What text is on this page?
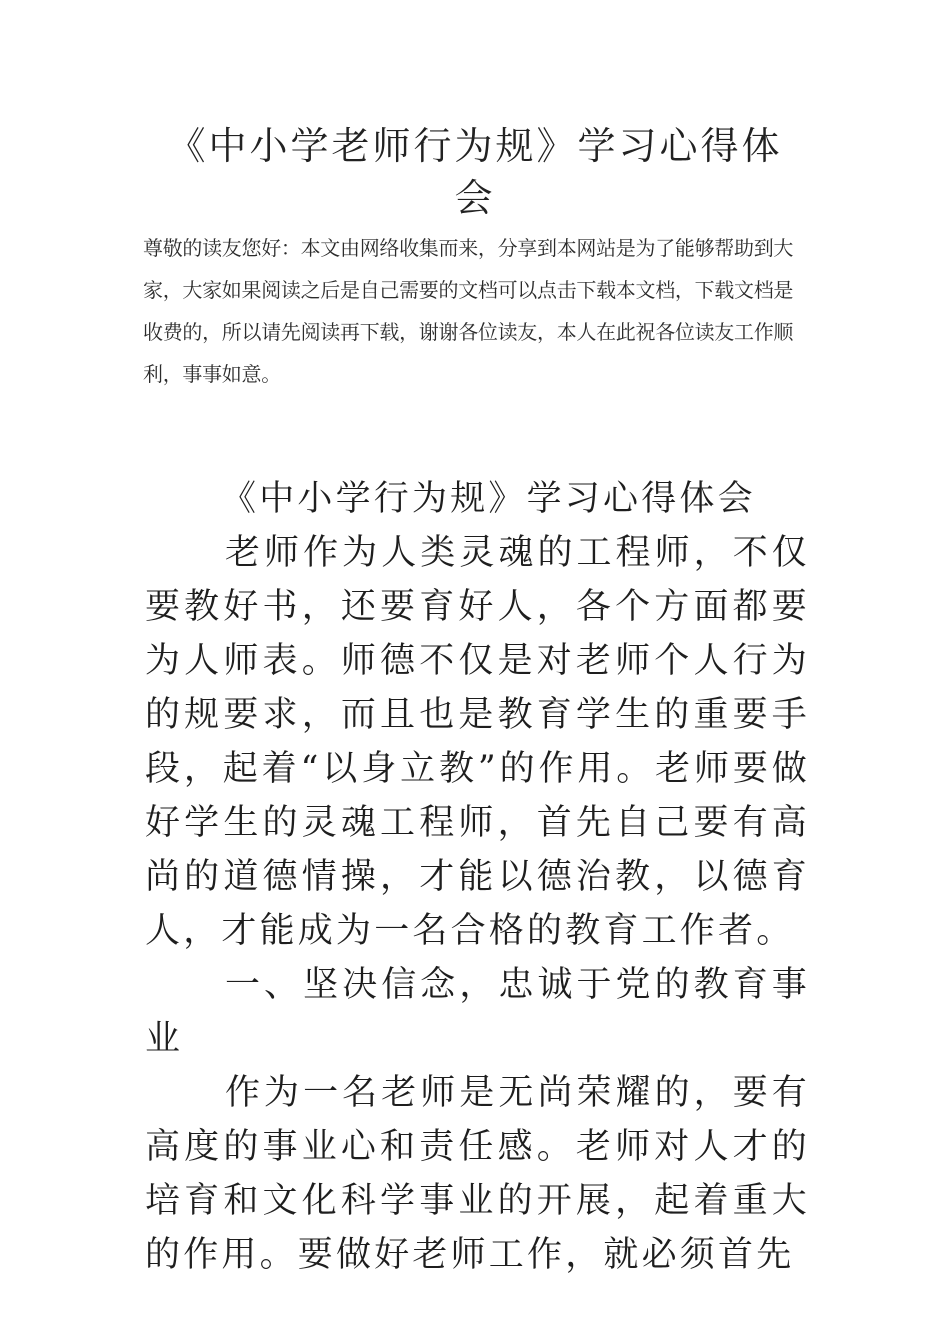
《中小学老师行为规》学习心得体会

尊敬的读友您好：本文由网络收集而来，分享到本网站是为了能够帮助到大家，大家如果阅读之后是自己需要的文档可以点击下载本文档，下载文档是收费的，所以请先阅读再下载，谢谢各位读友，本人在此祝各位读友工作顺利，事事如意。

《中小学行为规》学习心得体会

老师作为人类灵魂的工程师，不仅要教好书，还要育好人，各个方面都要为人师表。师德不仅是对老师个人行为的规要求，而且也是教育学生的重要手段，起着“以身立教”的作用。老师要做好学生的灵魂工程师，首先自己要有高尚的道德情操，才能以德治教，以德育人，才能成为一名合格的教育工作者。

一、坚决信念，忠诚于党的教育事业

作为一名老师是无尚荣耀的，要有高度的事业心和责任感。老师对人才的培育和文化科学事业的开展，起着重大的作用。要做好老师工作，就必须首先
